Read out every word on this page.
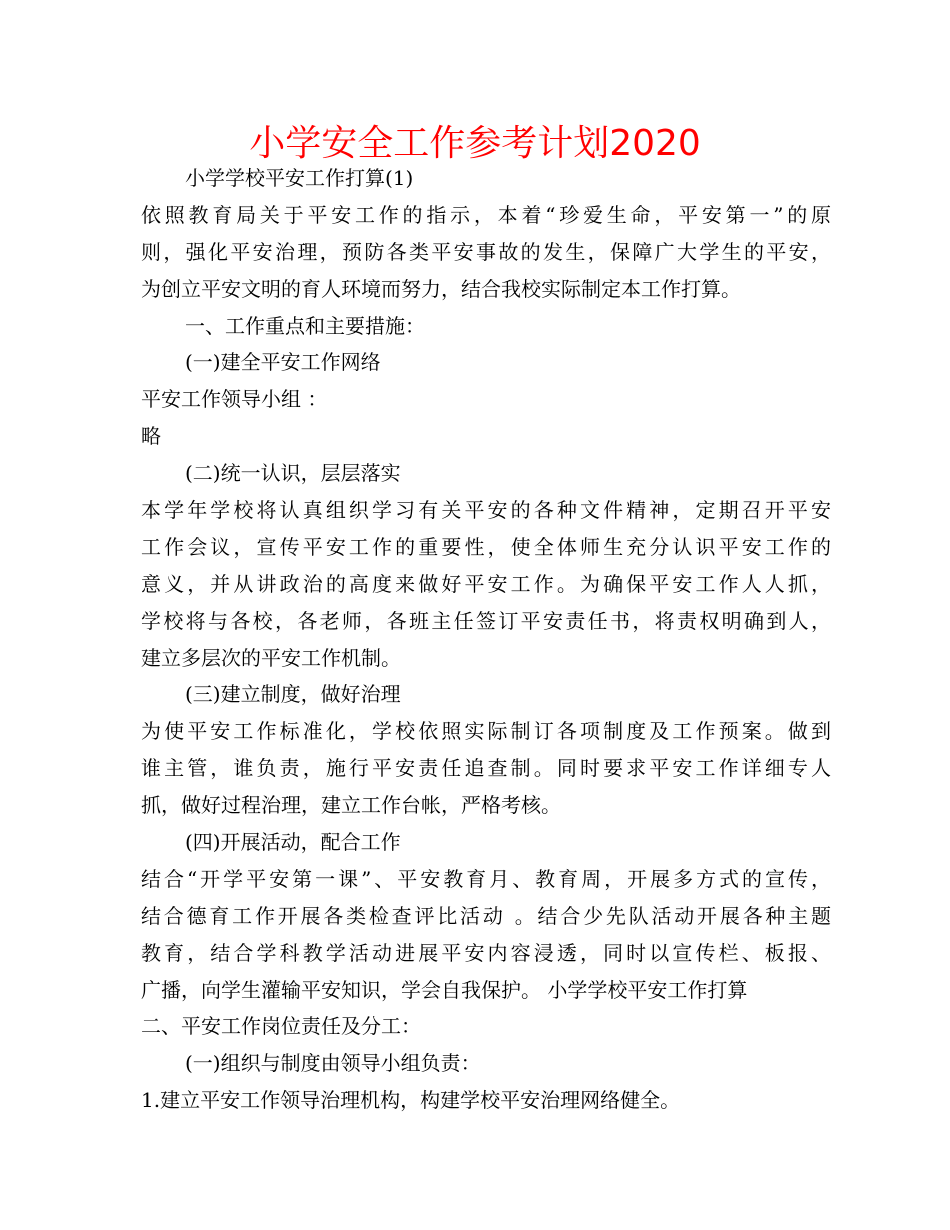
小学安全工作参考计划2020
小学学校平安工作打算(1)
依照教育局关于平安工作的指示，本着“珍爱生命，平安第一”的原
则，强化平安治理，预防各类平安事故的发生，保障广大学生的平安，
为创立平安文明的育人环境而努力，结合我校实际制定本工作打算。
一、工作重点和主要措施：
(一)建全平安工作网络
平安工作领导小组 ：
略
(二)统一认识，层层落实
本学年学校将认真组织学习有关平安的各种文件精神，定期召开平安
工作会议，宣传平安工作的重要性，使全体师生充分认识平安工作的
意义，并从讲政治的高度来做好平安工作。为确保平安工作人人抓，
学校将与各校，各老师，各班主任签订平安责任书，将责权明确到人，
建立多层次的平安工作机制。
(三)建立制度，做好治理
为使平安工作标准化，学校依照实际制订各项制度及工作预案。做到
谁主管，谁负责，施行平安责任追查制。同时要求平安工作详细专人
抓，做好过程治理，建立工作台帐，严格考核。
(四)开展活动，配合工作
结合“开学平安第一课”、平安教育月、教育周，开展多方式的宣传，
结合德育工作开展各类检查评比活动 。结合少先队活动开展各种主题
教育，结合学科教学活动进展平安内容浸透，同时以宣传栏、板报、
广播，向学生灌输平安知识，学会自我保护。 小学学校平安工作打算
二、平安工作岗位责任及分工：
(一)组织与制度由领导小组负责：
1.建立平安工作领导治理机构，构建学校平安治理网络健全。
